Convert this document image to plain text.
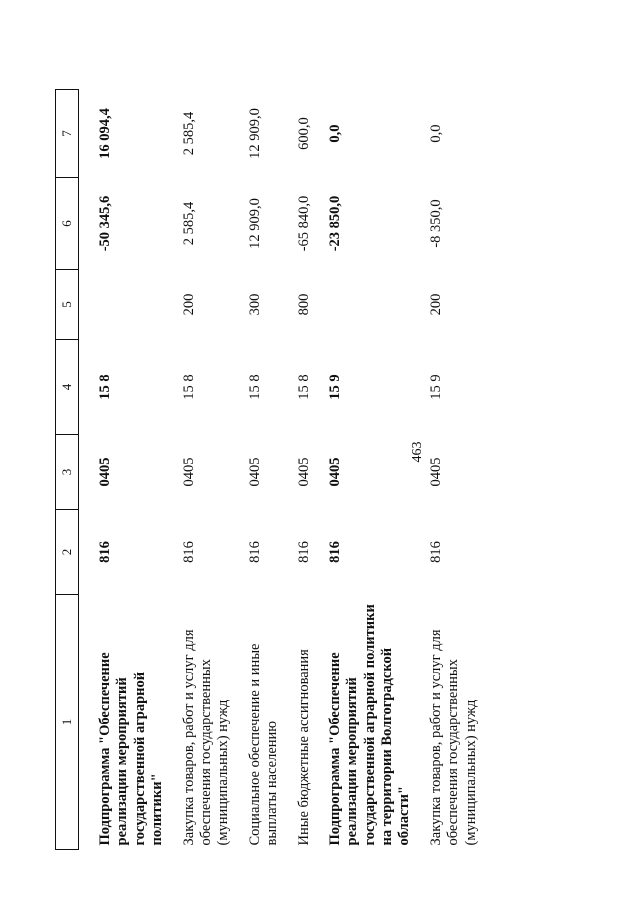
463
1	2	3	4	5	6	7
Подпрограмма "Обеспечение реализации мероприятий государственной аграрной политики"	816	0405	15 8		-50 345,6	16 094,4
Закупка товаров, работ и услуг для обеспечения государственных (муниципальных) нужд	816	0405	15 8	200	2 585,4	2 585,4
Социальное обеспечение и иные выплаты населению	816	0405	15 8	300	12 909,0	12 909,0
Иные бюджетные ассигнования	816	0405	15 8	800	-65 840,0	600,0
Подпрограмма "Обеспечение реализации мероприятий государственной аграрной политики на территории Волгоградской области"	816	0405	15 9		-23 850,0	0,0
Закупка товаров, работ и услуг для обеспечения государственных (муниципальных) нужд	816	0405	15 9	200	-8 350,0	0,0
